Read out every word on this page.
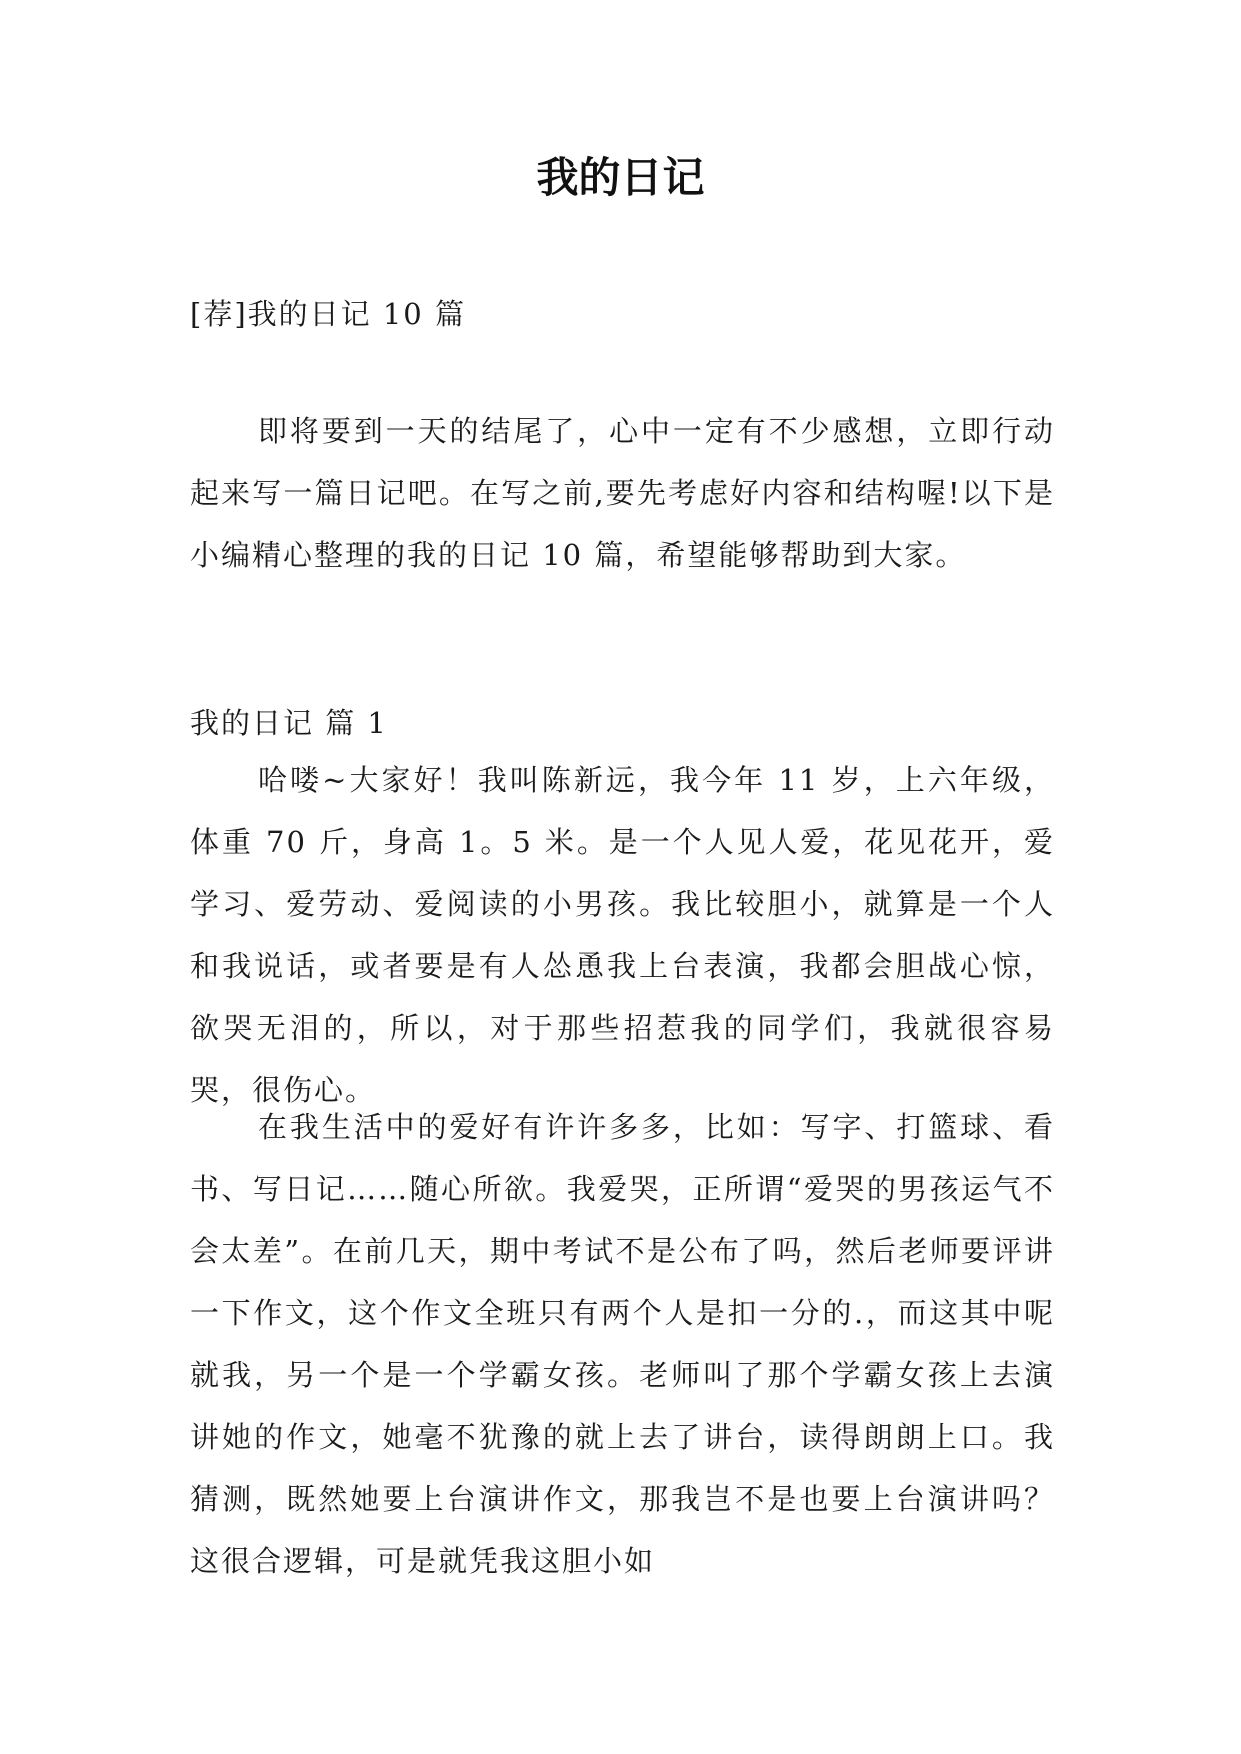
我的日记

[荐]我的日记 10 篇

即将要到一天的结尾了，心中一定有不少感想，立即行动起来写一篇日记吧。在写之前,要先考虑好内容和结构喔!以下是小编精心整理的我的日记 10 篇，希望能够帮助到大家。

我的日记 篇 1

哈喽~大家好！我叫陈新远，我今年 11 岁，上六年级，体重 70 斤，身高 1。5 米。是一个人见人爱，花见花开，爱学习、爱劳动、爱阅读的小男孩。我比较胆小，就算是一个人和我说话，或者要是有人怂恿我上台表演，我都会胆战心惊，欲哭无泪的，所以，对于那些招惹我的同学们，我就很容易哭，很伤心。

在我生活中的爱好有许许多多，比如：写字、打篮球、看书、写日记……随心所欲。我爱哭，正所谓“爱哭的男孩运气不会太差”。在前几天，期中考试不是公布了吗，然后老师要评讲一下作文，这个作文全班只有两个人是扣一分的.，而这其中呢就我，另一个是一个学霸女孩。老师叫了那个学霸女孩上去演讲她的作文，她毫不犹豫的就上去了讲台，读得朗朗上口。我猜测，既然她要上台演讲作文，那我岂不是也要上台演讲吗？这很合逻辑，可是就凭我这胆小如
